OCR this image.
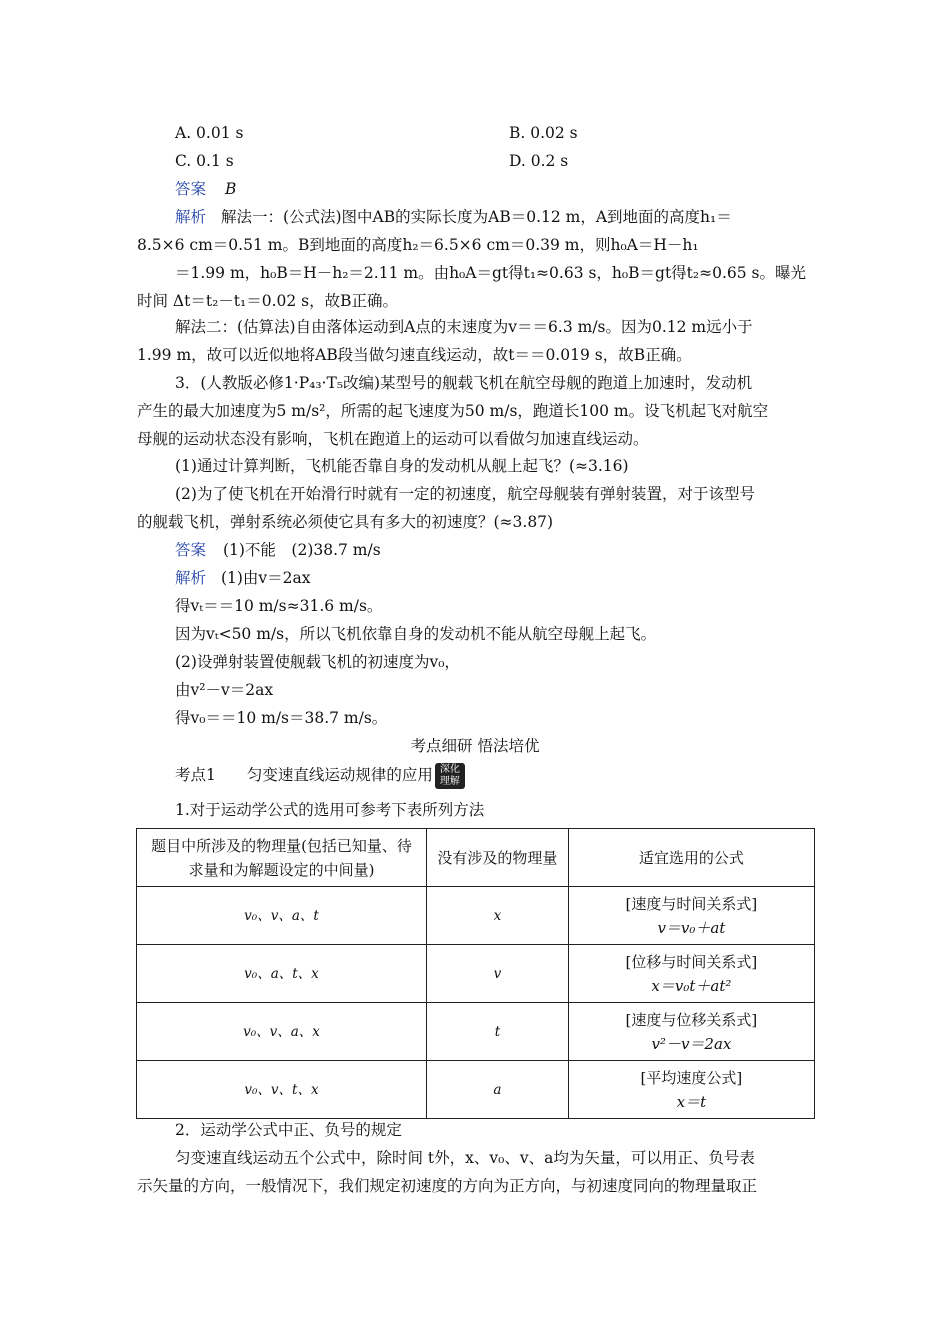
A. 0.01 s	B. 0.02 s
C. 0.1 s	D. 0.2 s
答案 B
解析 解法一：(公式法)图中AB的实际长度为AB＝0.12 m，A到地面的高度h₁＝
8.5×6 cm＝0.51 m。B到地面的高度h₂＝6.5×6 cm＝0.39 m，则h₀A＝H－h₁
＝1.99 m，h₀B＝H－h₂＝2.11 m。由h₀A＝gt得t₁≈0.63 s，h₀B＝gt得t₂≈0.65 s。曝光
时间 Δt＝t₂－t₁＝0.02 s，故B正确。
解法二：(估算法)自由落体运动到A点的末速度为v＝＝6.3 m/s。因为0.12 m远小于
1.99 m，故可以近似地将AB段当做匀速直线运动，故t＝＝0.019 s，故B正确。
3．(人教版必修1·P₄₃·T₅改编)某型号的舰载飞机在航空母舰的跑道上加速时，发动机
产生的最大加速度为5 m/s²，所需的起飞速度为50 m/s，跑道长100 m。设飞机起飞对航空
母舰的运动状态没有影响，飞机在跑道上的运动可以看做匀加速直线运动。
(1)通过计算判断，飞机能否靠自身的发动机从舰上起飞？(≈3.16)
(2)为了使飞机在开始滑行时就有一定的初速度，航空母舰装有弹射装置，对于该型号
的舰载飞机，弹射系统必须使它具有多大的初速度？(≈3.87)
答案 (1)不能　(2)38.7 m/s
解析 (1)由v＝2ax
得vₜ＝＝10 m/s≈31.6 m/s。
因为vₜ<50 m/s，所以飞机依靠自身的发动机不能从航空母舰上起飞。
(2)设弹射装置使舰载飞机的初速度为v₀，
由v²－v＝2ax
得v₀＝＝10 m/s＝38.7 m/s。
考点细研 悟法培优
考点1　　匀变速直线运动规律的应用 深化
理解
1.对于运动学公式的选用可参考下表所列方法
题目中所涉及的物理量(包括已知量、待求量和为解题设定的中间量)	没有涉及的物理量	适宜选用的公式
v₀、v、a、t	x	[速度与时间关系式]
v＝v₀＋at

v₀、a、t、x	v	[位移与时间关系式]
x＝v₀t＋at²

v₀、v、a、x	t	[速度与位移关系式]
v²－v＝2ax

v₀、v、t、x	a	[平均速度公式]
x＝t
2．运动学公式中正、负号的规定
匀变速直线运动五个公式中，除时间 t外，x、v₀、v、a均为矢量，可以用正、负号表
示矢量的方向，一般情况下，我们规定初速度的方向为正方向，与初速度同向的物理量取正
